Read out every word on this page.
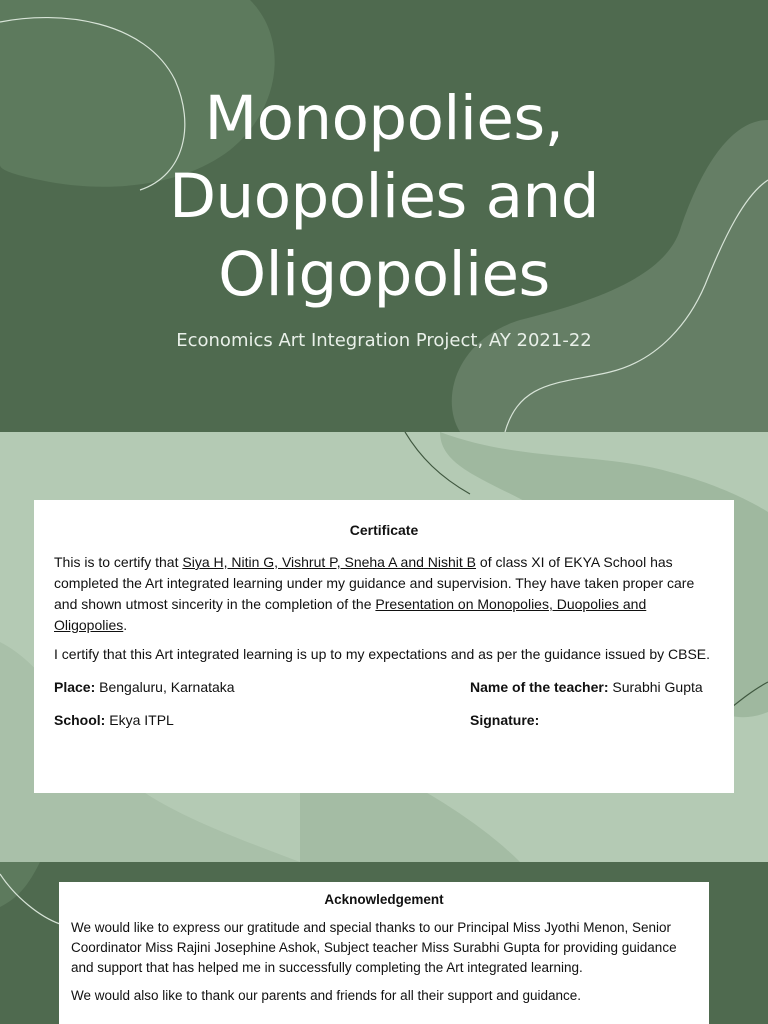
Monopolies,
Duopolies and
Oligopolies
Economics Art Integration Project, AY 2021-22
Certificate

This is to certify that Siya H, Nitin G, Vishrut P, Sneha A and Nishit B of class XI of EKYA School has completed the Art integrated learning under my guidance and supervision. They have taken proper care and shown utmost sincerity in the completion of the Presentation on Monopolies, Duopolies and Oligopolies.

I certify that this Art integrated learning is up to my expectations and as per the guidance issued by CBSE.

Place: Bengaluru, Karnataka	Name of the teacher: Surabhi Gupta
School: Ekya ITPL	Signature:
Acknowledgement

We would like to express our gratitude and special thanks to our Principal Miss Jyothi Menon, Senior Coordinator Miss Rajini Josephine Ashok, Subject teacher Miss Surabhi Gupta for providing guidance and support that has helped me in successfully completing the Art integrated learning.

We would also like to thank our parents and friends for all their support and guidance.
